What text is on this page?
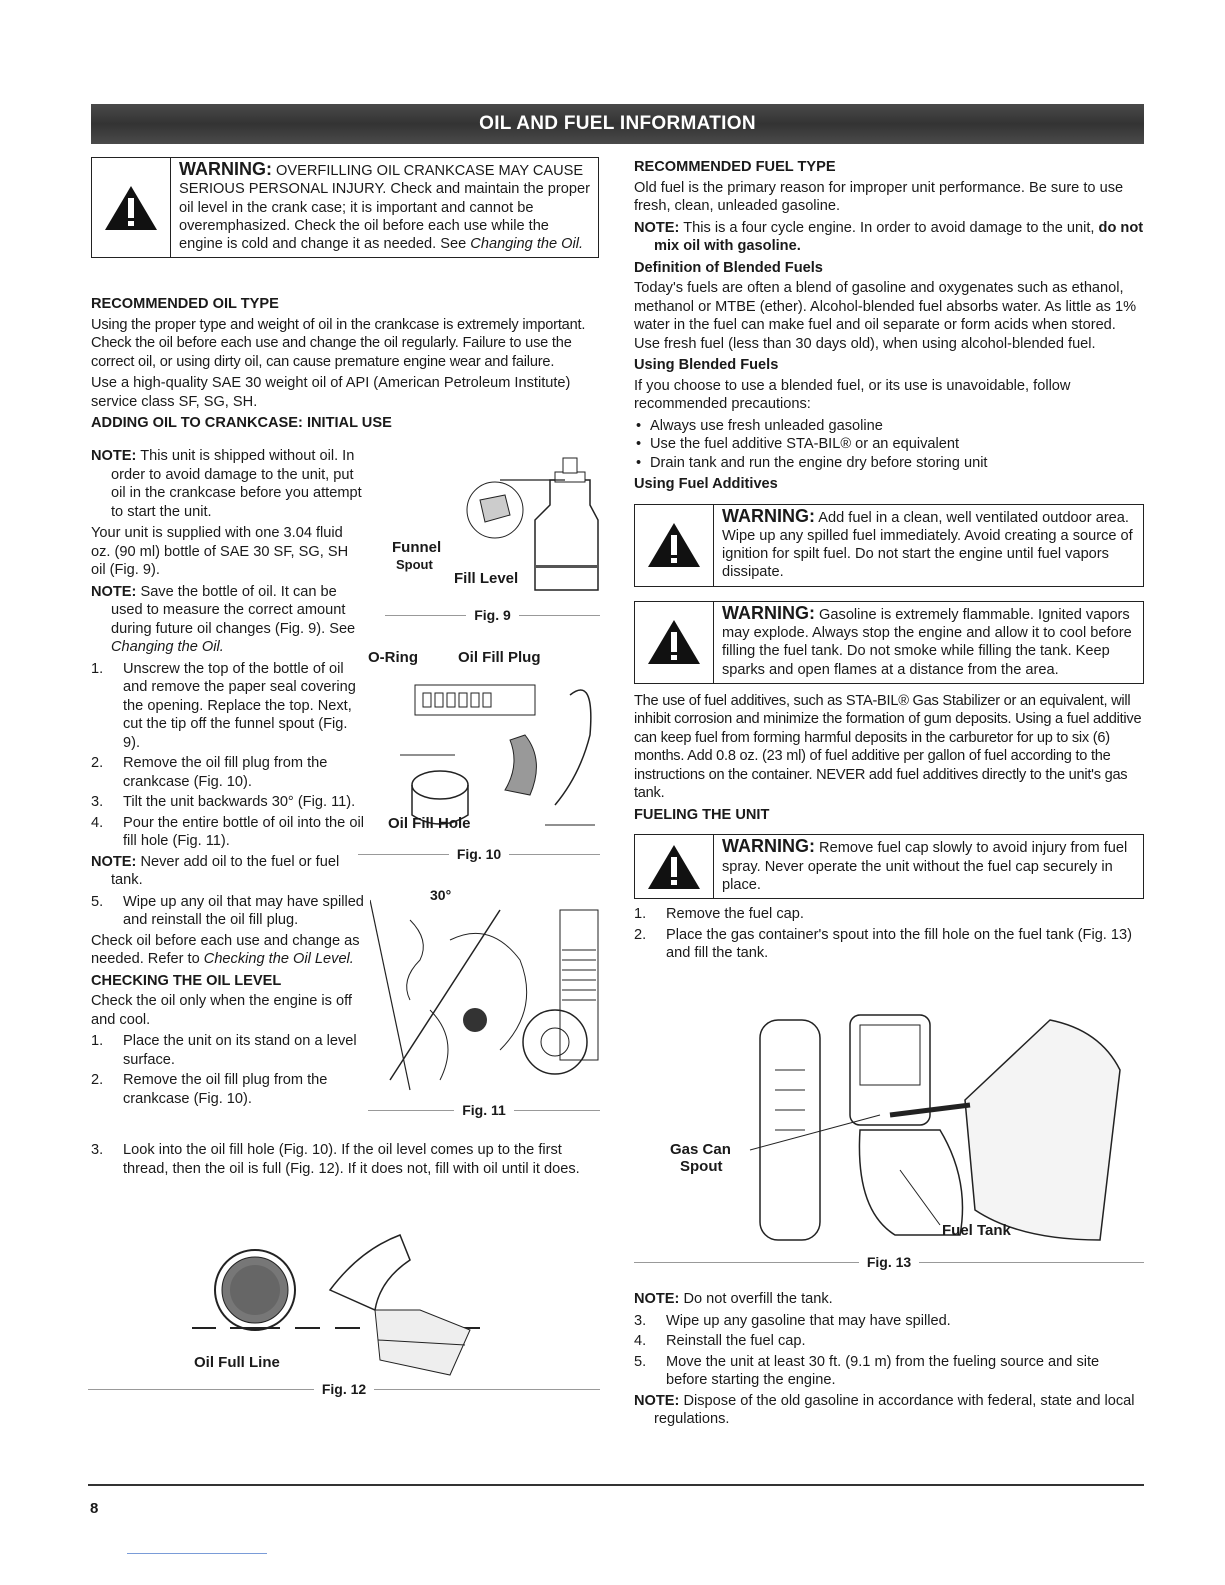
OIL AND FUEL INFORMATION
WARNING: OVERFILLING OIL CRANKCASE MAY CAUSE SERIOUS PERSONAL INJURY. Check and maintain the proper oil level in the crank case; it is important and cannot be overemphasized. Check the oil before each use while the engine is cold and change it as needed. See Changing the Oil.
RECOMMENDED OIL TYPE

Using the proper type and weight of oil in the crankcase is extremely important. Check the oil before each use and change the oil regularly. Failure to use the correct oil, or using dirty oil, can cause premature engine wear and failure.

Use a high-quality SAE 30 weight oil of API (American Petroleum Institute) service class SF, SG, SH.

ADDING OIL TO CRANKCASE: INITIAL USE

NOTE: This unit is shipped without oil. In order to avoid damage to the unit, put oil in the crankcase before you attempt to start the unit.

Your unit is supplied with one 3.04 fluid oz. (90 ml) bottle of SAE 30 SF, SG, SH oil (Fig. 9).

NOTE: Save the bottle of oil. It can be used to measure the correct amount during future oil changes (Fig. 9). See Changing the Oil.

1. Unscrew the top of the bottle of oil and remove the paper seal covering the opening. Replace the top. Next, cut the tip off the funnel spout (Fig. 9).
2. Remove the oil fill plug from the crankcase (Fig. 10).
3. Tilt the unit backwards 30° (Fig. 11).
4. Pour the entire bottle of oil into the oil fill hole (Fig. 11).

NOTE: Never add oil to the fuel or fuel tank.

5. Wipe up any oil that may have spilled and reinstall the oil fill plug.

Check oil before each use and change as needed. Refer to Checking the Oil Level.

CHECKING THE OIL LEVEL

Check the oil only when the engine is off and cool.

1. Place the unit on its stand on a level surface.
2. Remove the oil fill plug from the crankcase (Fig. 10).
3. Look into the oil fill hole (Fig. 10). If the oil level comes up to the first thread, then the oil is full (Fig. 12). If it does not, fill with oil until it does.
Funnel
Spout
Fill Level
Fig. 9
O-Ring	Oil Fill Plug
Oil Fill Hole
Fig. 10
30°
Fig. 11
Oil Full Line
Fig. 12
RECOMMENDED FUEL TYPE

Old fuel is the primary reason for improper unit performance. Be sure to use fresh, clean, unleaded gasoline.

NOTE: This is a four cycle engine. In order to avoid damage to the unit, do not mix oil with gasoline.

Definition of Blended Fuels

Today's fuels are often a blend of gasoline and oxygenates such as ethanol, methanol or MTBE (ether). Alcohol-blended fuel absorbs water. As little as 1% water in the fuel can make fuel and oil separate or form acids when stored. Use fresh fuel (less than 30 days old), when using alcohol-blended fuel.

Using Blended Fuels

If you choose to use a blended fuel, or its use is unavoidable, follow recommended precautions:

• Always use fresh unleaded gasoline
• Use the fuel additive STA-BIL® or an equivalent
• Drain tank and run the engine dry before storing unit
Using Fuel Additives
WARNING: Add fuel in a clean, well ventilated outdoor area. Wipe up any spilled fuel immediately. Avoid creating a source of ignition for spilt fuel. Do not start the engine until fuel vapors dissipate.
WARNING: Gasoline is extremely flammable. Ignited vapors may explode. Always stop the engine and allow it to cool before filling the fuel tank. Do not smoke while filling the tank. Keep sparks and open flames at a distance from the area.

The use of fuel additives, such as STA-BIL® Gas Stabilizer or an equivalent, will inhibit corrosion and minimize the formation of gum deposits. Using a fuel additive can keep fuel from forming harmful deposits in the carburetor for up to six (6) months. Add 0.8 oz. (23 ml) of fuel additive per gallon of fuel according to the instructions on the container. NEVER add fuel additives directly to the unit's gas tank.

FUELING THE UNIT
WARNING: Remove fuel cap slowly to avoid injury from fuel spray. Never operate the unit without the fuel cap securely in place.
1. Remove the fuel cap.
2. Place the gas container's spout into the fill hole on the fuel tank (Fig. 13) and fill the tank.
Gas Can
Spout
Fuel Tank
Fig. 13

NOTE: Do not overfill the tank.

3. Wipe up any gasoline that may have spilled.
4. Reinstall the fuel cap.
5. Move the unit at least 30 ft. (9.1 m) from the fueling source and site before starting the engine.

NOTE: Dispose of the old gasoline in accordance with federal, state and local regulations.

8
